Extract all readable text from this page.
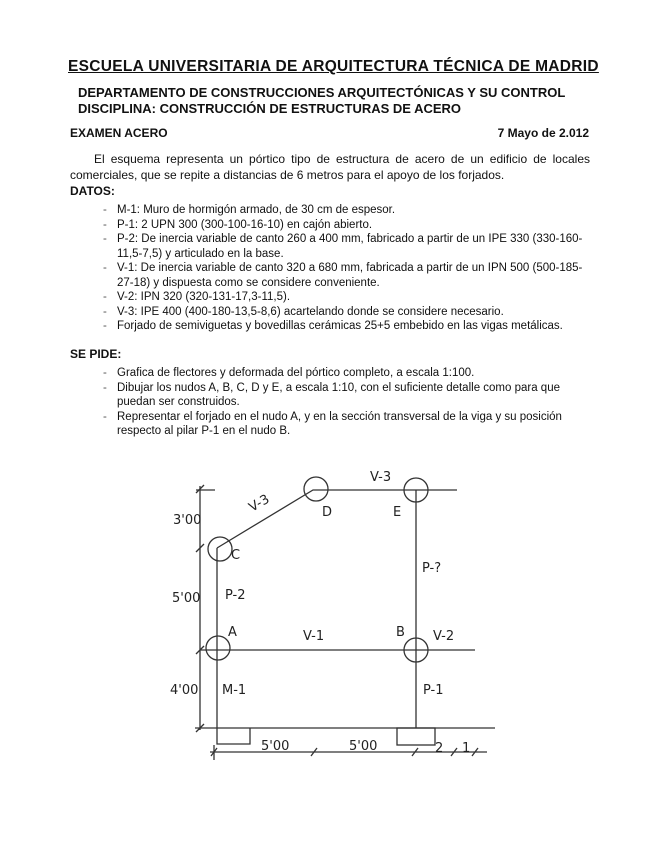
ESCUELA UNIVERSITARIA DE ARQUITECTURA TÉCNICA DE MADRID
DEPARTAMENTO DE CONSTRUCCIONES ARQUITECTÓNICAS Y SU CONTROL
DISCIPLINA: CONSTRUCCIÓN DE ESTRUCTURAS DE ACERO
EXAMEN ACERO	7 Mayo de 2.012
El esquema representa un pórtico tipo de estructura de acero de un edificio de locales comerciales, que se repite a distancias de 6 metros para el apoyo de los forjados.
DATOS:
- M-1: Muro de hormigón armado, de 30 cm de espesor.
- P-1: 2 UPN 300 (300-100-16-10) en cajón abierto.
- P-2: De inercia variable de canto 260 a 400 mm, fabricado a partir de un IPE 330 (330-160-11,5-7,5) y articulado en la base.
- V-1: De inercia variable de canto 320 a 680 mm, fabricada a partir de un IPN 500 (500-185-27-18) y dispuesta como se considere conveniente.
- V-2: IPN 320 (320-131-17,3-11,5).
- V-3: IPE 400 (400-180-13,5-8,6) acartelando donde se considere necesario.
- Forjado de semiviguetas y bovedillas cerámicas 25+5 embebido en las vigas metálicas.
SE PIDE:
- Grafica de flectores y deformada del pórtico completo, a escala 1:100.
- Dibujar los nudos A, B, C, D y E, a escala 1:10, con el suficiente detalle como para que puedan ser construidos.
- Representar el forjado en el nudo A, y en la sección transversal de la viga y su posición respecto al pilar P-1 en el nudo B.
C
D	E
A	B
V-3
V-3
V-1	V-2
P-2
P-?
M-1	P-1
3'00
5'00
4'00
5'00	5'00	2 1
